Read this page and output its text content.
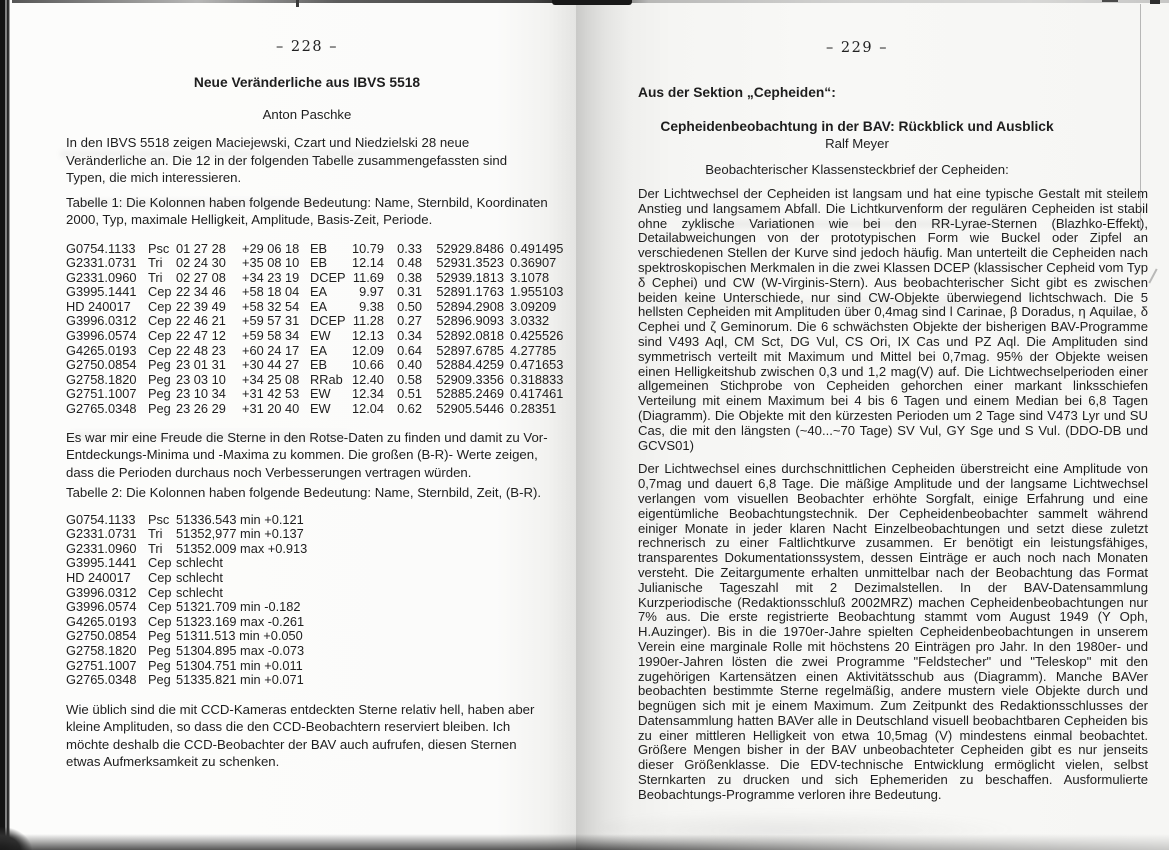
– 228 –
Neue Veränderliche aus IBVS 5518
Anton Paschke
In den IBVS 5518 zeigen Maciejewski, Czart und Niedzielski 28 neue Veränderliche an. Die 12 in der folgenden Tabelle zusammengefassten sind Typen, die mich interessieren.
Tabelle 1: Die Kolonnen haben folgende Bedeutung: Name, Sternbild, Koordinaten 2000, Typ, maximale Helligkeit, Amplitude, Basis-Zeit, Periode.
G0754.1133 Psc 01 27 28 +29 06 18 EB 10.79 0.33 52929.8486 0.491495
G2331.0731 Tri 02 24 30 +35 08 10 EB 12.14 0.48 52931.3523 0.36907
G2331.0960 Tri 02 27 08 +34 23 19 DCEP 11.69 0.38 52939.1813 3.1078
G3995.1441 Cep 22 34 46 +58 18 04 EA	9.97 0.31 52891.1763 1.955103
HD 240017 Cep 22 39 49 +58 32 54 EA	9.38 0.50 52894.2908 3.09209
G3996.0312 Cep 22 46 21 +59 57 31 DCEP 11.28 0.27 52896.9093 3.0332
G3996.0574 Cep 22 47 12 +59 58 34 EW 12.13 0.34 52892.0818 0.425526
G4265.0193 Cep 22 48 23 +60 24 17 EA 12.09 0.64 52897.6785 4.27785
G2750.0854 Peg 23 01 31 +30 44 27 EB 10.66 0.40 52884.4259 0.471653
G2758.1820 Peg 23 03 10 +34 25 08 RRab 12.40 0.58 52909.3356 0.318833
G2751.1007 Peg 23 10 34 +31 42 53 EW 12.34 0.51 52885.2469 0.417461
G2765.0348 Peg 23 26 29 +31 20 40 EW 12.04 0.62 52905.5446 0.28351
Es war mir eine Freude die Sterne in den Rotse-Daten zu finden und damit zu Vor-Entdeckungs-Minima und -Maxima zu kommen. Die großen (B-R)- Werte zeigen, dass die Perioden durchaus noch Verbesserungen vertragen würden.
Tabelle 2: Die Kolonnen haben folgende Bedeutung: Name, Sternbild, Zeit, (B-R).
G0754.1133 Psc 51336.543 min +0.121
G2331.0731 Tri 51352,977 min +0.137
G2331.0960 Tri 51352.009 max +0.913
G3995.1441 Cep schlecht
HD 240017 Cep schlecht
G3996.0312 Cep schlecht
G3996.0574 Cep 51321.709 min -0.182
G4265.0193 Cep 51323.169 max -0.261
G2750.0854 Peg 51311.513 min +0.050
G2758.1820 Peg 51304.895 max -0.073
G2751.1007 Peg 51304.751 min +0.011
G2765.0348 Peg 51335.821 min +0.071
Wie üblich sind die mit CCD-Kameras entdeckten Sterne relativ hell, haben aber kleine Amplituden, so dass die den CCD-Beobachtern reserviert bleiben. Ich möchte deshalb die CCD-Beobachter der BAV auch aufrufen, diesen Sternen etwas Aufmerksamkeit zu schenken.
– 229 –
Aus der Sektion „Cepheiden“:
Cepheidenbeobachtung in der BAV: Rückblick und Ausblick
Ralf Meyer
Beobachterischer Klassensteckbrief der Cepheiden:
Der Lichtwechsel der Cepheiden ist langsam und hat eine typische Gestalt mit steilem Anstieg und langsamem Abfall. Die Lichtkurvenform der regulären Cepheiden ist stabil ohne zyklische Variationen wie bei den RR-Lyrae-Sternen (Blazhko-Effekt), Detailabweichungen von der prototypischen Form wie Buckel oder Zipfel an verschiedenen Stellen der Kurve sind jedoch häufig. Man unterteilt die Cepheiden nach spektroskopischen Merkmalen in die zwei Klassen DCEP (klassischer Cepheid vom Typ δ Cephei) und CW (W-Virginis-Stern). Aus beobachterischer Sicht gibt es zwischen beiden keine Unterschiede, nur sind CW-Objekte überwiegend lichtschwach. Die 5 hellsten Cepheiden mit Amplituden über 0,4mag sind l Carinae, β Doradus, η Aquilae, δ Cephei und ζ Geminorum. Die 6 schwächsten Objekte der bisherigen BAV-Programme sind V493 Aql, CM Sct, DG Vul, CS Ori, IX Cas und PZ Aql. Die Amplituden sind symmetrisch verteilt mit Maximum und Mittel bei 0,7mag. 95% der Objekte weisen einen Helligkeitshub zwischen 0,3 und 1,2 mag(V) auf. Die Lichtwechselperioden einer allgemeinen Stichprobe von Cepheiden gehorchen einer markant linksschiefen Verteilung mit einem Maximum bei 4 bis 6 Tagen und einem Median bei 6,8 Tagen (Diagramm). Die Objekte mit den kürzesten Perioden um 2 Tage sind V473 Lyr und SU Cas, die mit den längsten (~40...~70 Tage) SV Vul, GY Sge und S Vul. (DDO-DB und GCVS01)
Der Lichtwechsel eines durchschnittlichen Cepheiden überstreicht eine Amplitude von 0,7mag und dauert 6,8 Tage. Die mäßige Amplitude und der langsame Lichtwechsel verlangen vom visuellen Beobachter erhöhte Sorgfalt, einige Erfahrung und eine eigentümliche Beobachtungstechnik. Der Cepheidenbeobachter sammelt während einiger Monate in jeder klaren Nacht Einzelbeobachtungen und setzt diese zuletzt rechnerisch zu einer Faltlichtkurve zusammen. Er benötigt ein leistungsfähiges, transparentes Dokumentationssystem, dessen Einträge er auch noch nach Monaten versteht. Die Zeitargumente erhalten unmittelbar nach der Beobachtung das Format Julianische Tageszahl mit 2 Dezimalstellen. In der BAV-Datensammlung Kurzperiodische (Redaktionsschluß 2002MRZ) machen Cepheidenbeobachtungen nur 7% aus. Die erste registrierte Beobachtung stammt vom August 1949 (Y Oph, H.Auzinger). Bis in die 1970er-Jahre spielten Cepheidenbeobachtungen in unserem Verein eine marginale Rolle mit höchstens 20 Einträgen pro Jahr. In den 1980er- und 1990er-Jahren lösten die zwei Programme "Feldstecher" und "Teleskop" mit den zugehörigen Kartensätzen einen Aktivitätsschub aus (Diagramm). Manche BAVer beobachten bestimmte Sterne regelmäßig, andere mustern viele Objekte durch und begnügen sich mit je einem Maximum. Zum Zeitpunkt des Redaktionsschlusses der Datensammlung hatten BAVer alle in Deutschland visuell beobachtbaren Cepheiden bis zu einer mittleren Helligkeit von etwa 10,5mag (V) mindestens einmal beobachtet. Größere Mengen bisher in der BAV unbeobachteter Cepheiden gibt es nur jenseits dieser Größenklasse. Die EDV-technische Entwicklung ermöglicht vielen, selbst Sternkarten zu drucken und sich Ephemeriden zu beschaffen. Ausformulierte Beobachtungs-Programme verloren ihre Bedeutung.
